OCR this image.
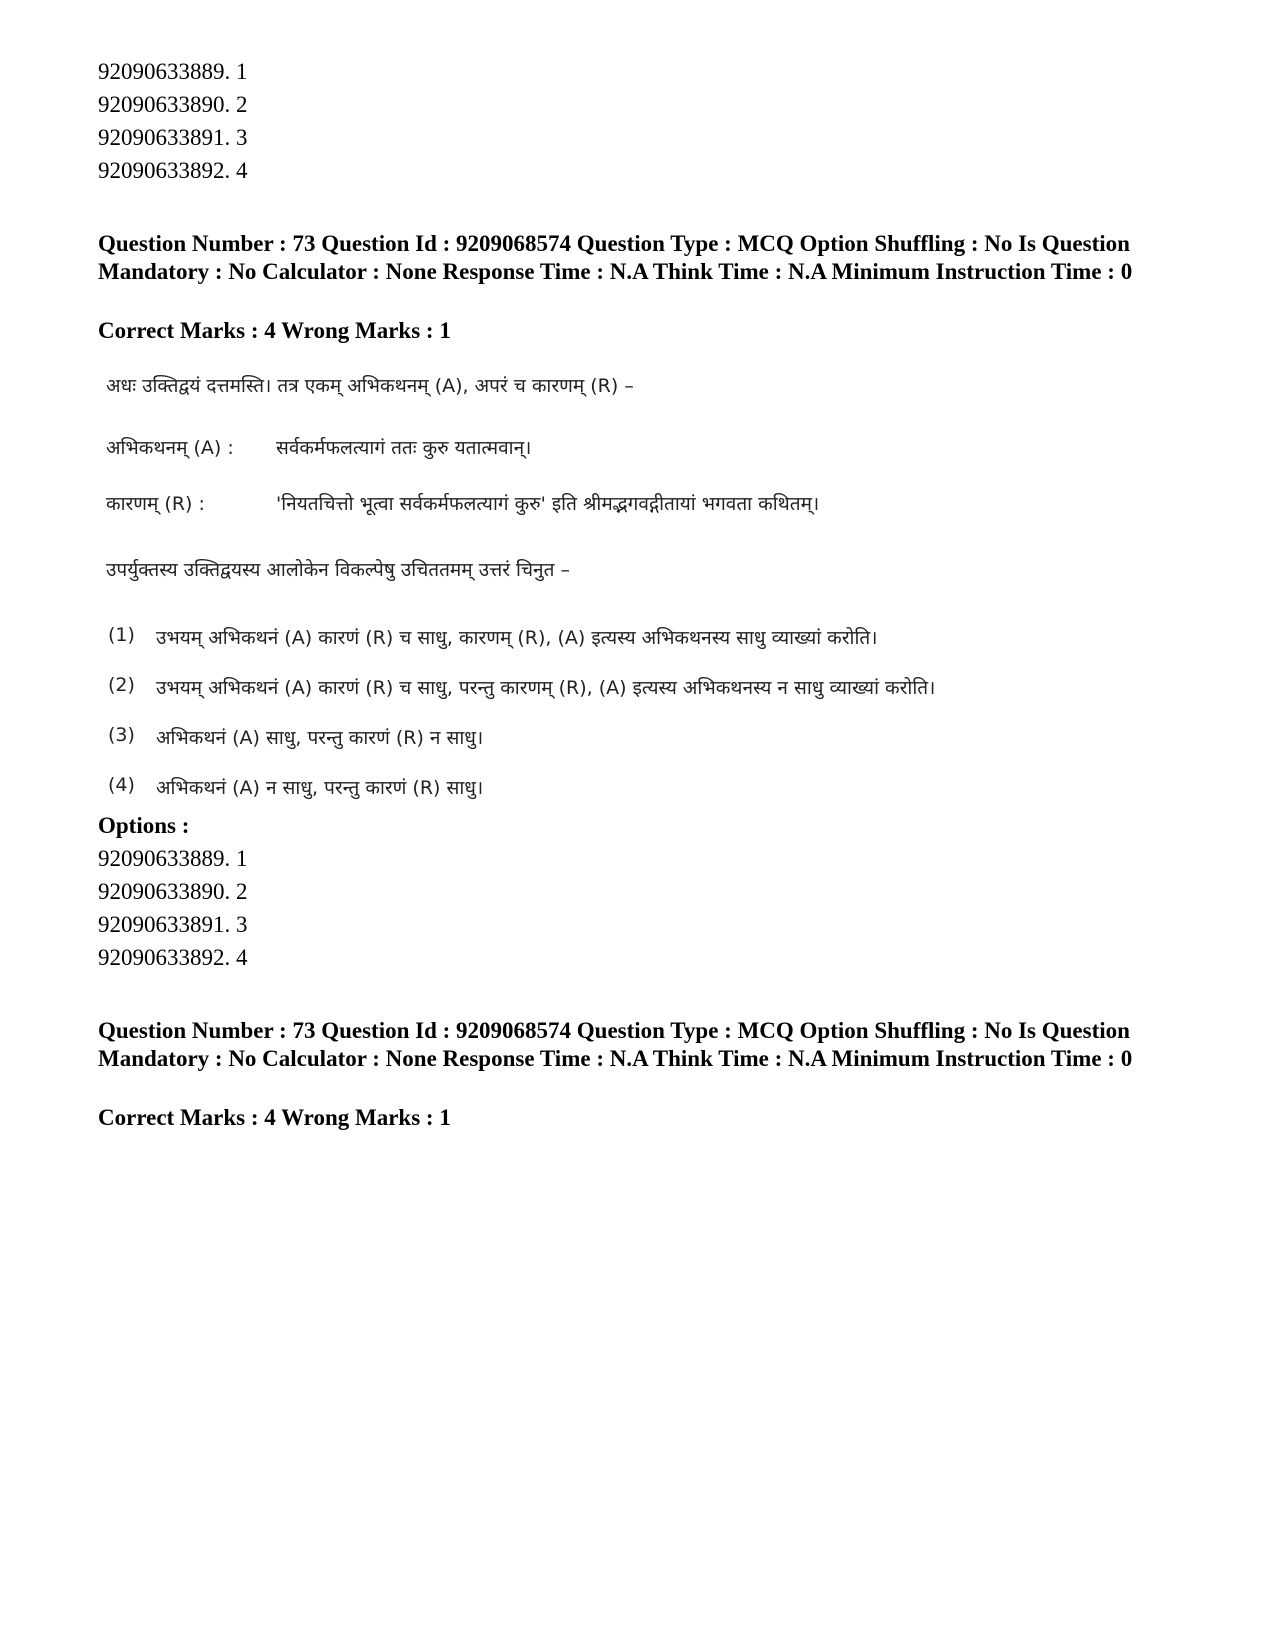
92090633889. 1
92090633890. 2
92090633891. 3
92090633892. 4
Question Number : 73 Question Id : 9209068574 Question Type : MCQ Option Shuffling : No Is Question Mandatory : No Calculator : None Response Time : N.A Think Time : N.A Minimum Instruction Time : 0
Correct Marks : 4 Wrong Marks : 1
अधः उक्तिद्वयं दत्तमस्ति। तत्र एकम् अभिकथनम् (A), अपरं च कारणम् (R) –
अभिकथनम् (A) : सर्वकर्मफलत्यागं ततः कुरु यतात्मवान्।
कारणम् (R) :	'नियतचित्तो भूत्वा सर्वकर्मफलत्यागं कुरु' इति श्रीमद्भगवद्गीतायां भगवता कथितम्।
उपर्युक्तस्य उक्तिद्वयस्य आलोकेन विकल्पेषु उचिततमम् उत्तरं चिनुत –
(1) उभयम् अभिकथनं (A) कारणं (R) च साधु, कारणम् (R), (A) इत्यस्य अभिकथनस्य साधु व्याख्यां करोति।
(2) उभयम् अभिकथनं (A) कारणं (R) च साधु, परन्तु कारणम् (R), (A) इत्यस्य अभिकथनस्य न साधु व्याख्यां करोति।
(3) अभिकथनं (A) साधु, परन्तु कारणं (R) न साधु।
(4) अभिकथनं (A) न साधु, परन्तु कारणं (R) साधु।
Options :
92090633889. 1
92090633890. 2
92090633891. 3
92090633892. 4
Question Number : 73 Question Id : 9209068574 Question Type : MCQ Option Shuffling : No Is Question Mandatory : No Calculator : None Response Time : N.A Think Time : N.A Minimum Instruction Time : 0
Correct Marks : 4 Wrong Marks : 1
